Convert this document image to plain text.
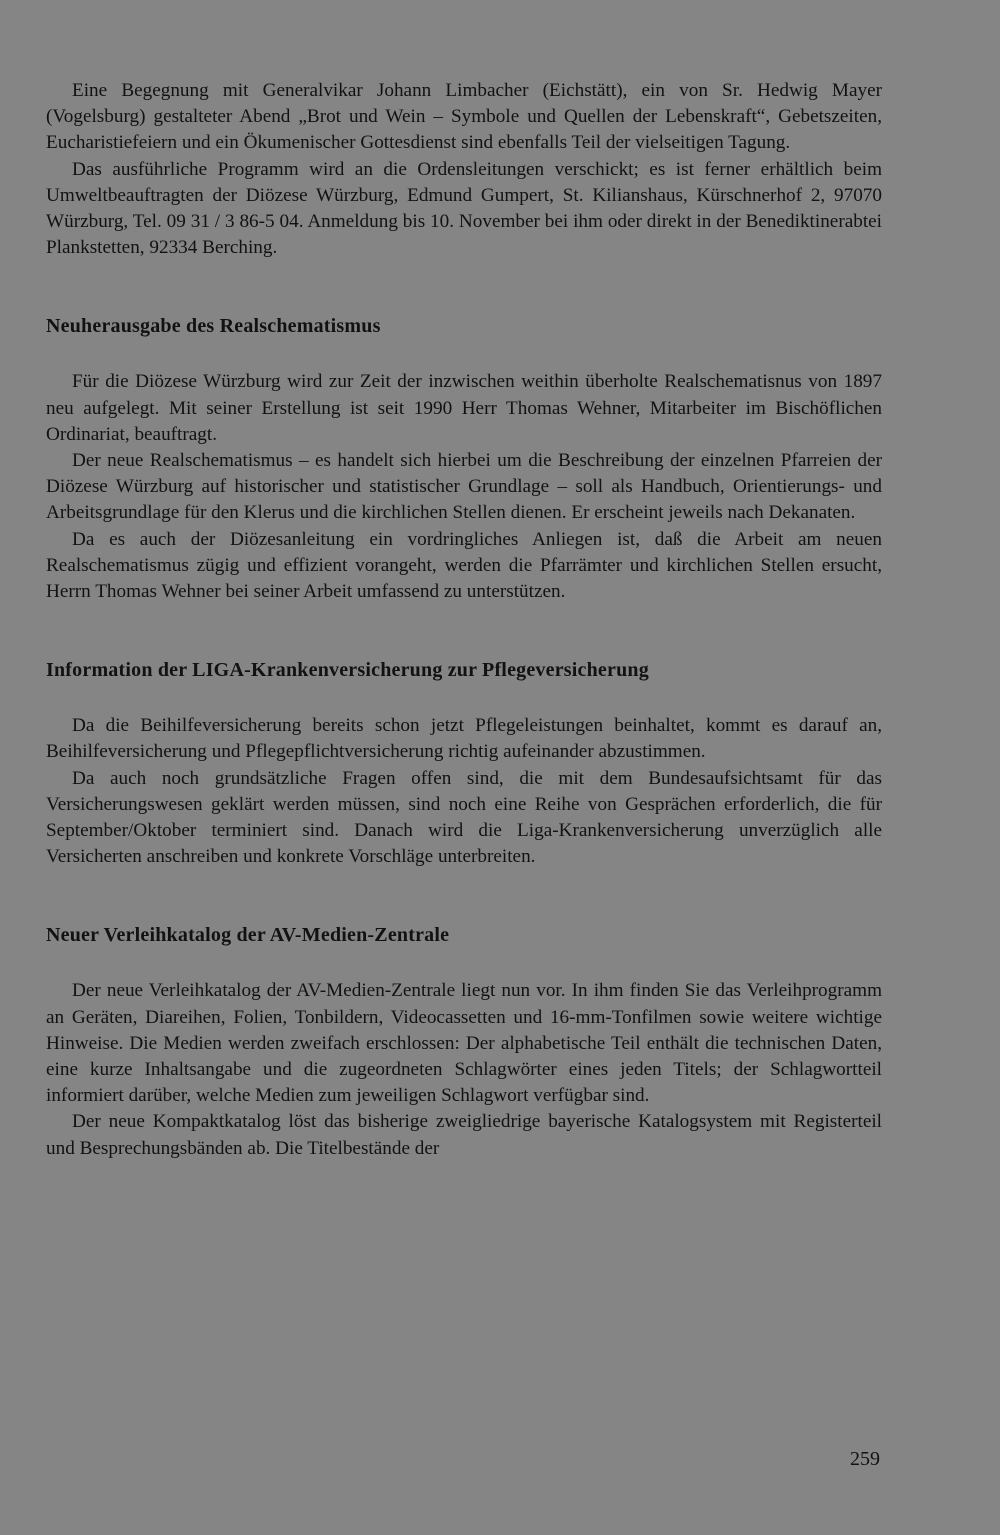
Eine Begegnung mit Generalvikar Johann Limbacher (Eichstätt), ein von Sr. Hedwig Mayer (Vogelsburg) gestalteter Abend „Brot und Wein – Symbole und Quellen der Lebenskraft“, Gebetszeiten, Eucharistiefeiern und ein Ökumenischer Gottesdienst sind ebenfalls Teil der vielseitigen Tagung.

Das ausführliche Programm wird an die Ordensleitungen verschickt; es ist ferner erhältlich beim Umweltbeauftragten der Diözese Würzburg, Edmund Gumpert, St. Kilianshaus, Kürschnerhof 2, 97070 Würzburg, Tel. 09 31 / 3 86-5 04. Anmeldung bis 10. November bei ihm oder direkt in der Benediktinerabtei Plankstetten, 92334 Berching.

Neuherausgabe des Realschematismus

Für die Diözese Würzburg wird zur Zeit der inzwischen weithin überholte Realschematisnus von 1897 neu aufgelegt. Mit seiner Erstellung ist seit 1990 Herr Thomas Wehner, Mitarbeiter im Bischöflichen Ordinariat, beauftragt.

Der neue Realschematismus – es handelt sich hierbei um die Beschreibung der einzelnen Pfarreien der Diözese Würzburg auf historischer und statistischer Grundlage – soll als Handbuch, Orientierungs- und Arbeitsgrundlage für den Klerus und die kirchlichen Stellen dienen. Er erscheint jeweils nach Dekanaten.

Da es auch der Diözesanleitung ein vordringliches Anliegen ist, daß die Arbeit am neuen Realschematismus zügig und effizient vorangeht, werden die Pfarrämter und kirchlichen Stellen ersucht, Herrn Thomas Wehner bei seiner Arbeit umfassend zu unterstützen.

Information der LIGA-Krankenversicherung zur Pflegeversicherung

Da die Beihilfeversicherung bereits schon jetzt Pflegeleistungen beinhaltet, kommt es darauf an, Beihilfeversicherung und Pflegepflichtversicherung richtig aufeinander abzustimmen.

Da auch noch grundsätzliche Fragen offen sind, die mit dem Bundesaufsichtsamt für das Versicherungswesen geklärt werden müssen, sind noch eine Reihe von Gesprächen erforderlich, die für September/Oktober terminiert sind. Danach wird die Liga-Krankenversicherung unverzüglich alle Versicherten anschreiben und konkrete Vorschläge unterbreiten.

Neuer Verleihkatalog der AV-Medien-Zentrale

Der neue Verleihkatalog der AV-Medien-Zentrale liegt nun vor. In ihm finden Sie das Verleihprogramm an Geräten, Diareihen, Folien, Tonbildern, Videocassetten und 16-mm-Tonfilmen sowie weitere wichtige Hinweise. Die Medien werden zweifach erschlossen: Der alphabetische Teil enthält die technischen Daten, eine kurze Inhaltsangabe und die zugeordneten Schlagwörter eines jeden Titels; der Schlagwortteil informiert darüber, welche Medien zum jeweiligen Schlagwort verfügbar sind.

Der neue Kompaktkatalog löst das bisherige zweigliedrige bayerische Katalogsystem mit Registerteil und Besprechungsbänden ab. Die Titelbestände der

259
